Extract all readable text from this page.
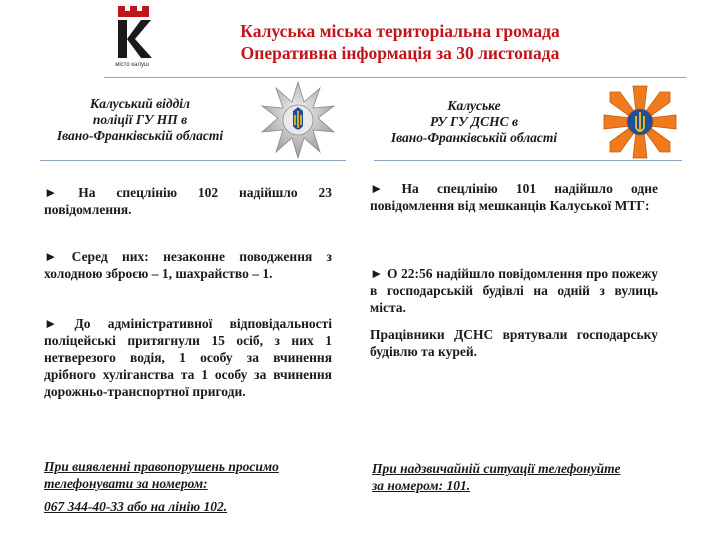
місто калуш
Калуська міська територіальна громада
Оперативна інформація за 30 листопада
Калуський відділ
поліції ГУ НП в
Івано-Франківській області
Калуське
РУ ГУ ДСНС в
Івано-Франківській області
► На спецлінію 102 надійшло 23 повідомлення.
► Серед них: незаконне поводження з холодною зброєю – 1, шахрайство – 1.
► До адміністративної відповідальності поліцейські притягнули 15 осіб, з них 1 нетверезого водія, 1 особу за вчинення дрібного хуліганства та 1 особу за вчинення дорожньо-транспортної пригоди.
При виявленні правопорушень просимо
телефонувати за номером:
067 344-40-33 або на лінію 102.
► На спецлінію 101 надійшло одне повідомлення від мешканців Калуської МТГ:
► О 22:56 надійшло повідомлення про пожежу в господарській будівлі на одній з вулиць міста.
Працівники ДСНС врятували господарську будівлю та курей.
При надзвичайній ситуації телефонуйте
за номером: 101.
